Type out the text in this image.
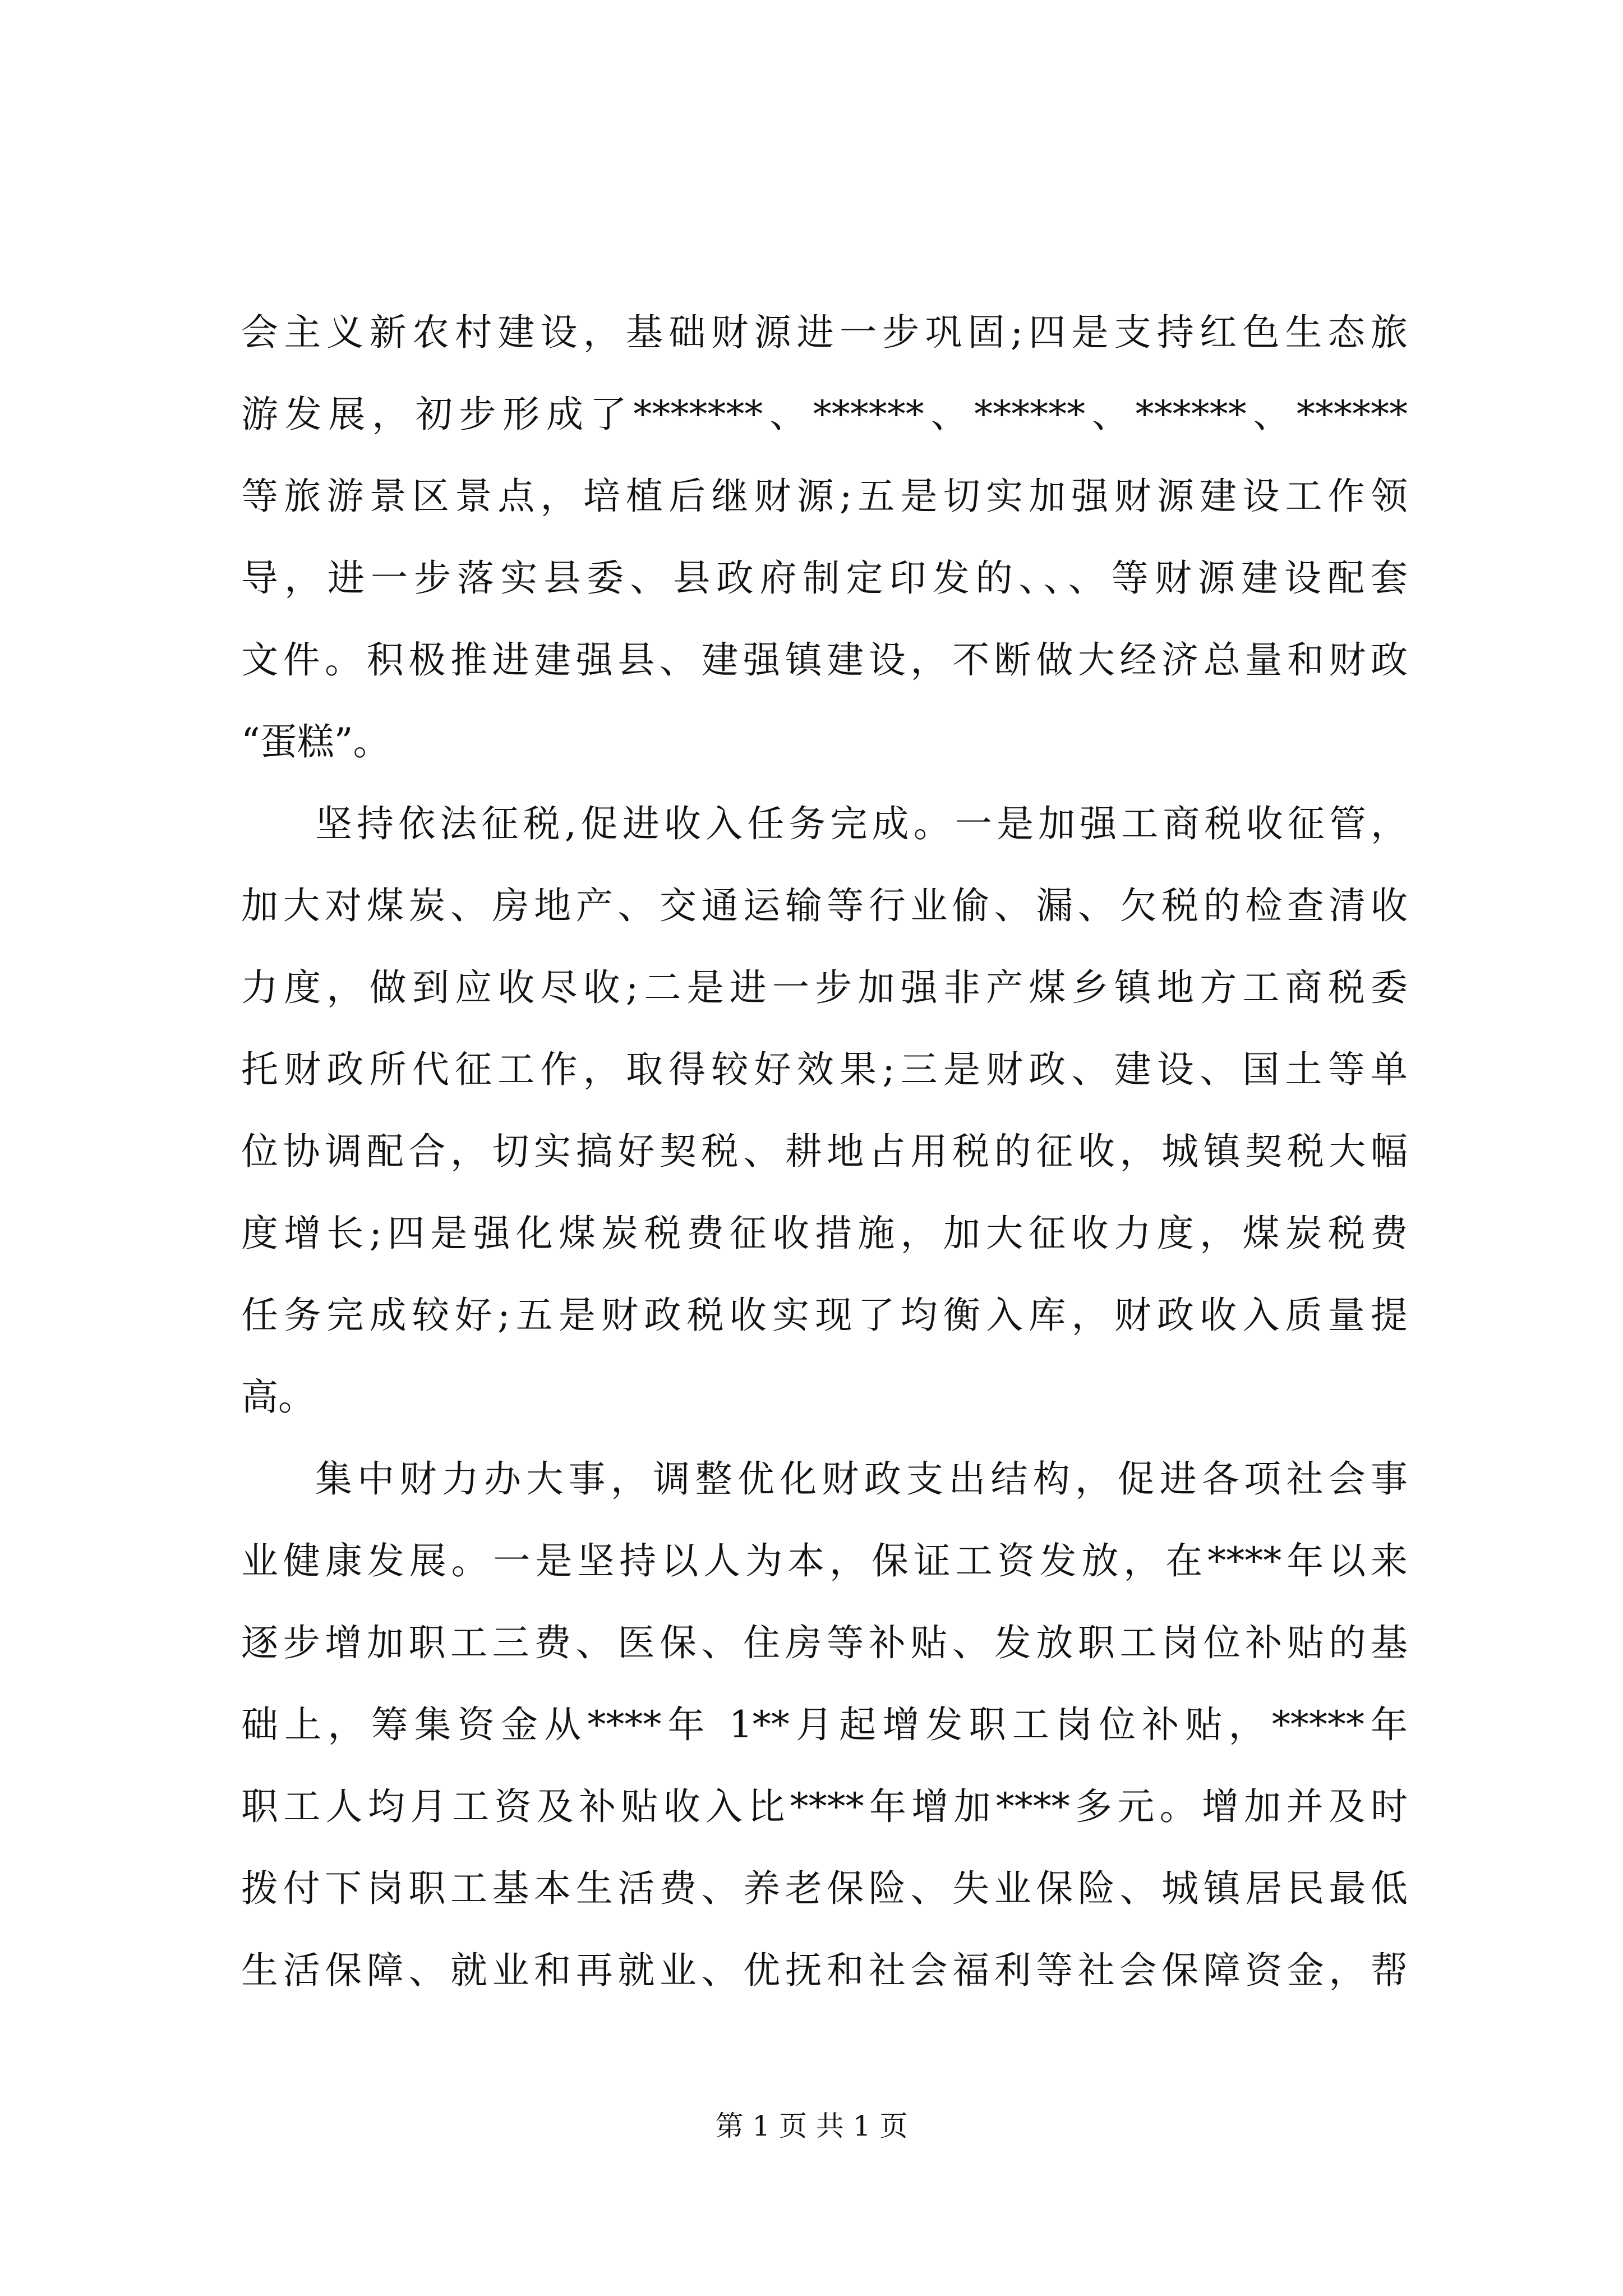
会主义新农村建设，基础财源进一步巩固;四是支持红色生态旅
游发展，初步形成了*******、******、******、******、******
等旅游景区景点，培植后继财源;五是切实加强财源建设工作领
导，进一步落实县委、县政府制定印发的、、、等财源建设配套
文件。积极推进建强县、建强镇建设，不断做大经济总量和财政
“蛋糕”。
坚持依法征税,促进收入任务完成。一是加强工商税收征管，
加大对煤炭、房地产、交通运输等行业偷、漏、欠税的检查清收
力度，做到应收尽收;二是进一步加强非产煤乡镇地方工商税委
托财政所代征工作，取得较好效果;三是财政、建设、国土等单
位协调配合，切实搞好契税、耕地占用税的征收，城镇契税大幅
度增长;四是强化煤炭税费征收措施，加大征收力度，煤炭税费
任务完成较好;五是财政税收实现了均衡入库，财政收入质量提
高。
集中财力办大事，调整优化财政支出结构，促进各项社会事
业健康发展。一是坚持以人为本，保证工资发放，在****年以来
逐步增加职工三费、医保、住房等补贴、发放职工岗位补贴的基
础上，筹集资金从****年 1**月起增发职工岗位补贴，*****年
职工人均月工资及补贴收入比****年增加****多元。增加并及时
拨付下岗职工基本生活费、养老保险、失业保险、城镇居民最低
生活保障、就业和再就业、优抚和社会福利等社会保障资金，帮
第 1 页 共 1 页
